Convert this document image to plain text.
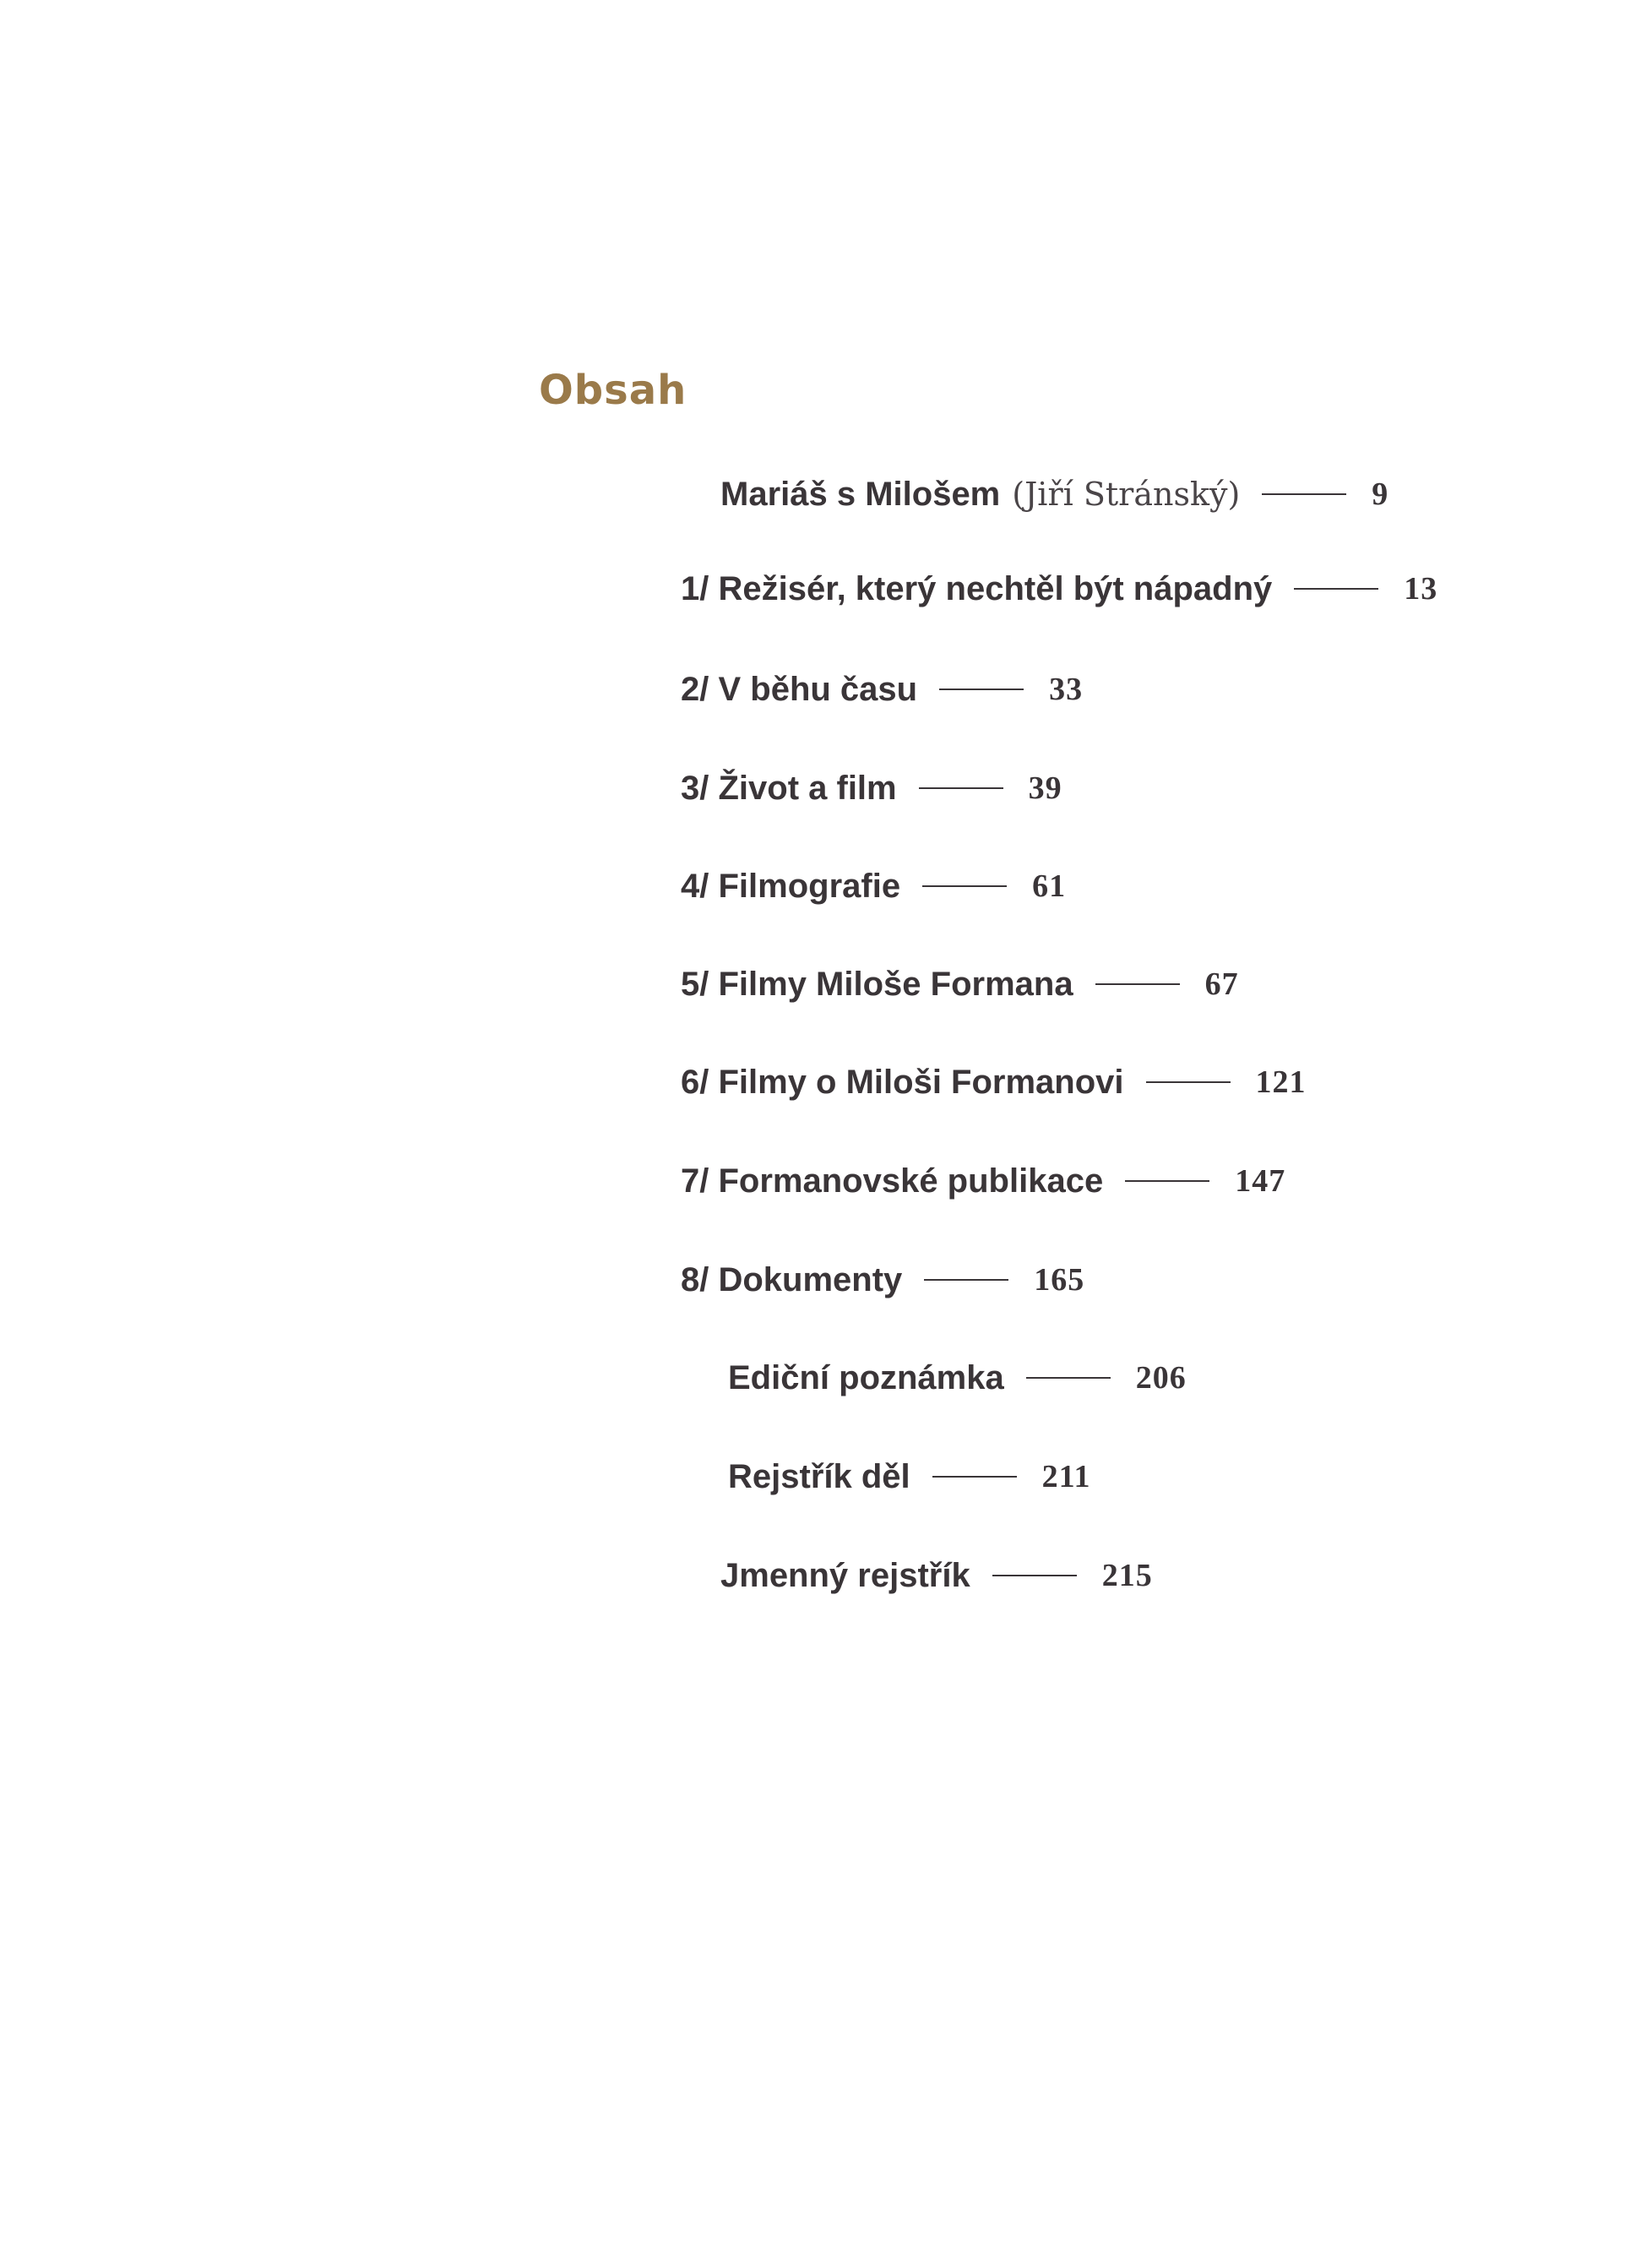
Obsah
Mariáš s Milošem (Jiří Stránský)	9
1/ Režisér, který nechtěl být nápadný	13
2/ V běhu času	33
3/ Život a film	39
4/ Filmografie	61
5/ Filmy Miloše Formana	67
6/ Filmy o Miloši Formanovi	121
7/ Formanovské publikace	147
8/ Dokumenty	165
Ediční poznámka	206
Rejstřík děl	211
Jmenný rejstřík	215
